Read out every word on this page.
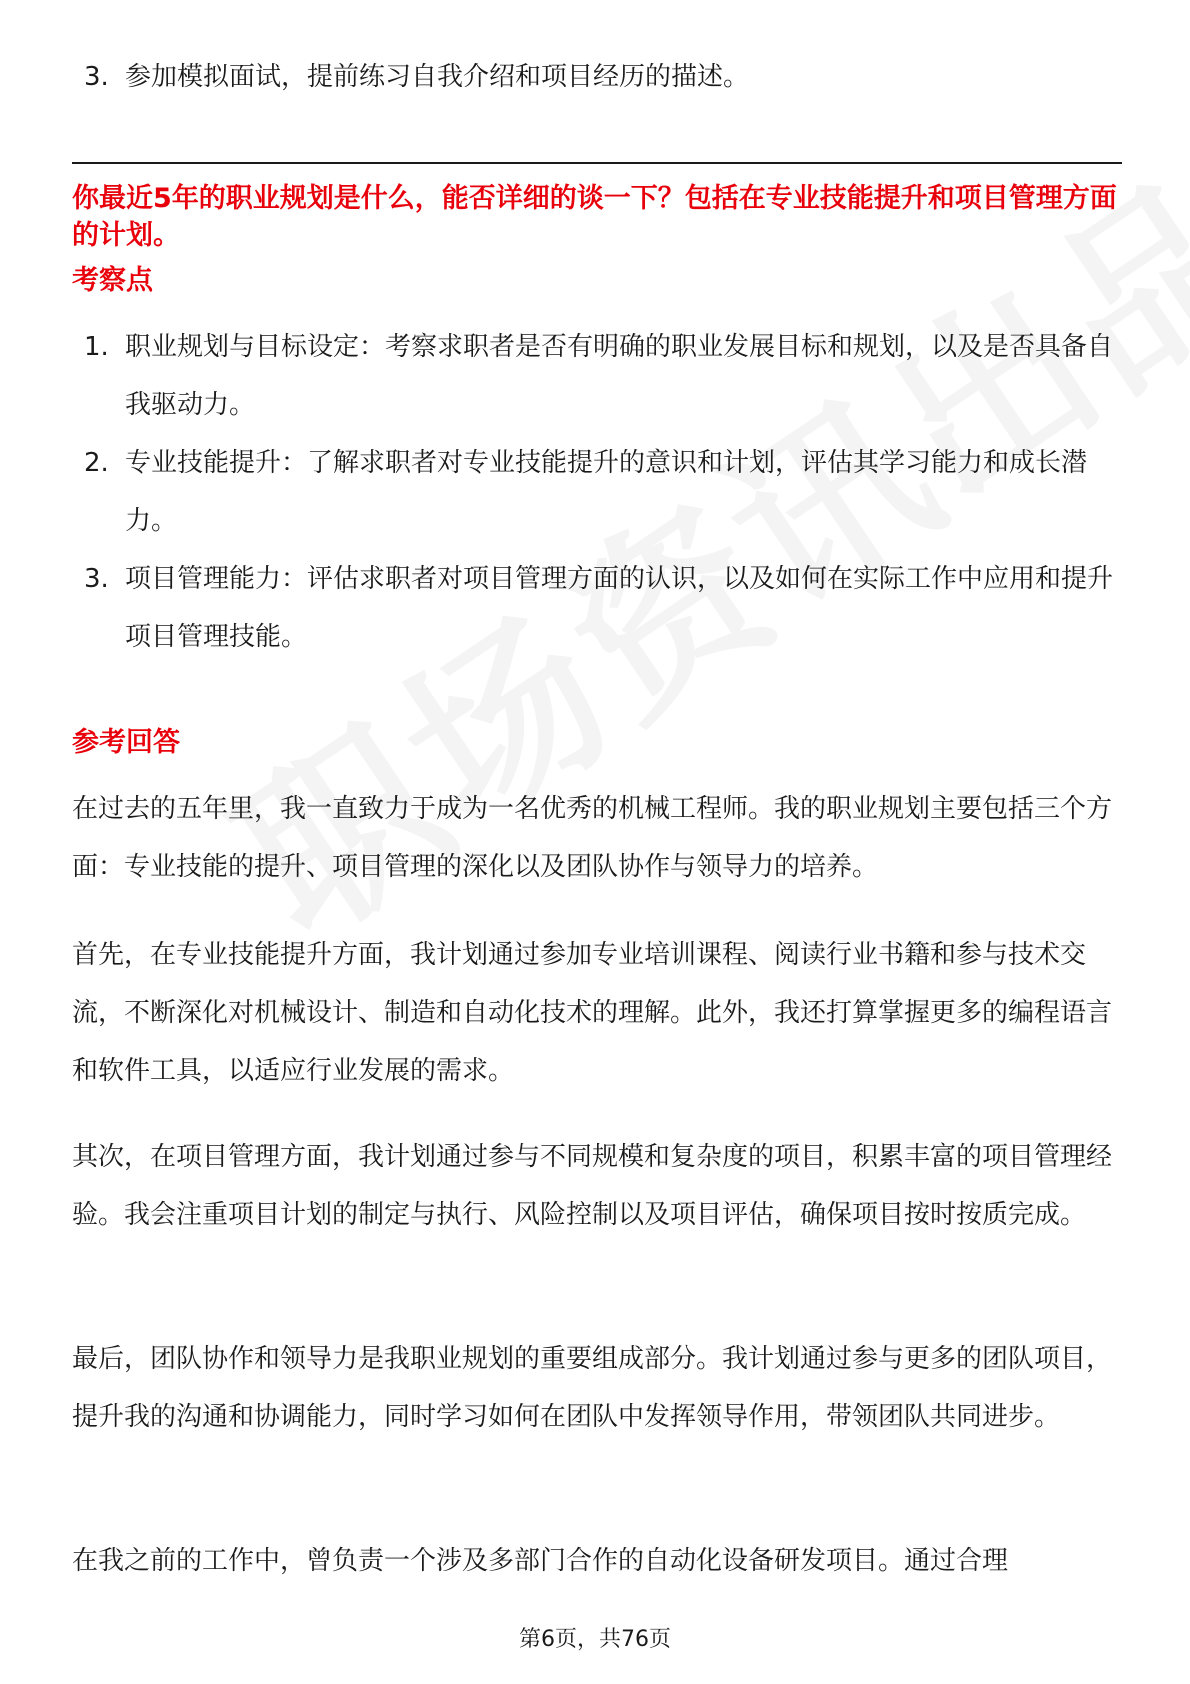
3. 参加模拟面试，提前练习自我介绍和项目经历的描述。
你最近5年的职业规划是什么，能否详细的谈一下？包括在专业技能提升和项目管理方面的计划。
考察点
1. 职业规划与目标设定：考察求职者是否有明确的职业发展目标和规划，以及是否具备自我驱动力。
2. 专业技能提升：了解求职者对专业技能提升的意识和计划，评估其学习能力和成长潜力。
3. 项目管理能力：评估求职者对项目管理方面的认识，以及如何在实际工作中应用和提升项目管理技能。
参考回答

在过去的五年里，我一直致力于成为一名优秀的机械工程师。我的职业规划主要包括三个方面：专业技能的提升、项目管理的深化以及团队协作与领导力的培养。

首先，在专业技能提升方面，我计划通过参加专业培训课程、阅读行业书籍和参与技术交流，不断深化对机械设计、制造和自动化技术的理解。此外，我还打算掌握更多的编程语言和软件工具，以适应行业发展的需求。

其次，在项目管理方面，我计划通过参与不同规模和复杂度的项目，积累丰富的项目管理经验。我会注重项目计划的制定与执行、风险控制以及项目评估，确保项目按时按质完成。

最后，团队协作和领导力是我职业规划的重要组成部分。我计划通过参与更多的团队项目，提升我的沟通和协调能力，同时学习如何在团队中发挥领导作用，带领团队共同进步。

在我之前的工作中，曾负责一个涉及多部门合作的自动化设备研发项目。通过合理

第6页，共76页
